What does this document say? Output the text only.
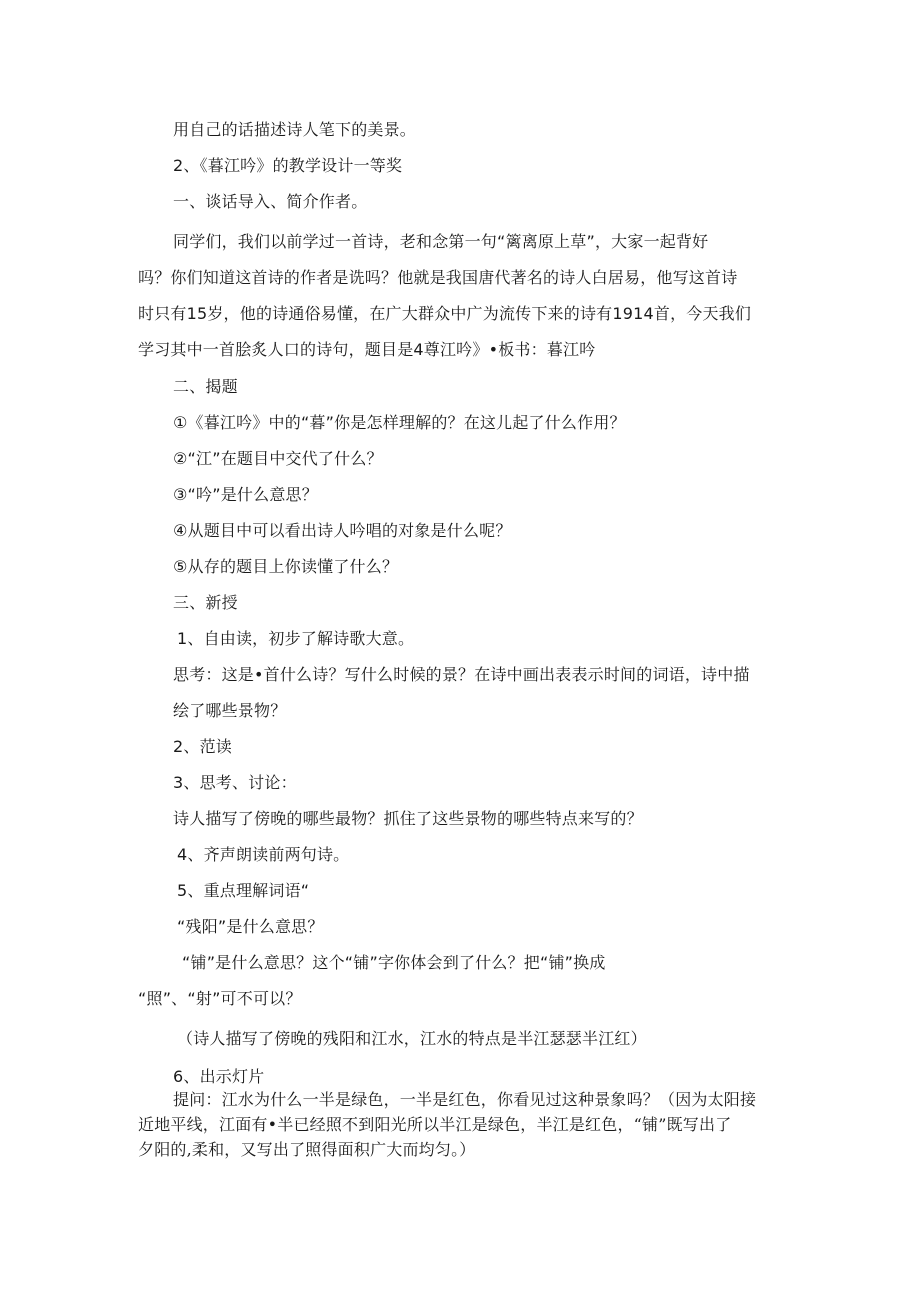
用自己的话描述诗人笔下的美景。
2、《暮江吟》的教学设计一等奖
一、谈话导入、简介作者。
同学们，我们以前学过一首诗，老和念第一句“篱离原上草”，大家一起背好
吗？你们知道这首诗的作者是诜吗？他就是我国唐代著名的诗人白居易，他写这首诗
时只有15岁，他的诗通俗易懂，在广大群众中广为流传下来的诗有1914首，今天我们
学习其中一首脍炙人口的诗句，题目是4尊江吟》•板书：暮江吟
二、揭题
①《暮江吟》中的“暮”你是怎样理解的？在这儿起了什么作用？
②“江”在题目中交代了什么？
③“吟”是什么意思？
④从题目中可以看出诗人吟唱的对象是什么呢？
⑤从存的题目上你读懂了什么？
三、新授
1、自由读，初步了解诗歌大意。
思考：这是•首什么诗？写什么时候的景？在诗中画出表表示时间的词语，诗中描
绘了哪些景物？
2、范读
3、思考、讨论：
诗人描写了傍晚的哪些最物？抓住了这些景物的哪些特点来写的？
4、齐声朗读前两句诗。
5、重点理解词语“
“残阳”是什么意思？
“铺”是什么意思？这个“铺”字你体会到了什么？把“铺”换成
“照”、“射”可不可以？
（诗人描写了傍晚的残阳和江水，江水的特点是半江瑟瑟半江红）
6、出示灯片
提问：江水为什么一半是绿色，一半是红色，你看见过这种景象吗？（因为太阳接
近地平线，江面有•半已经照不到阳光所以半江是绿色，半江是红色，“铺”既写出了
夕阳的,柔和，又写出了照得面积广大而均匀。）
